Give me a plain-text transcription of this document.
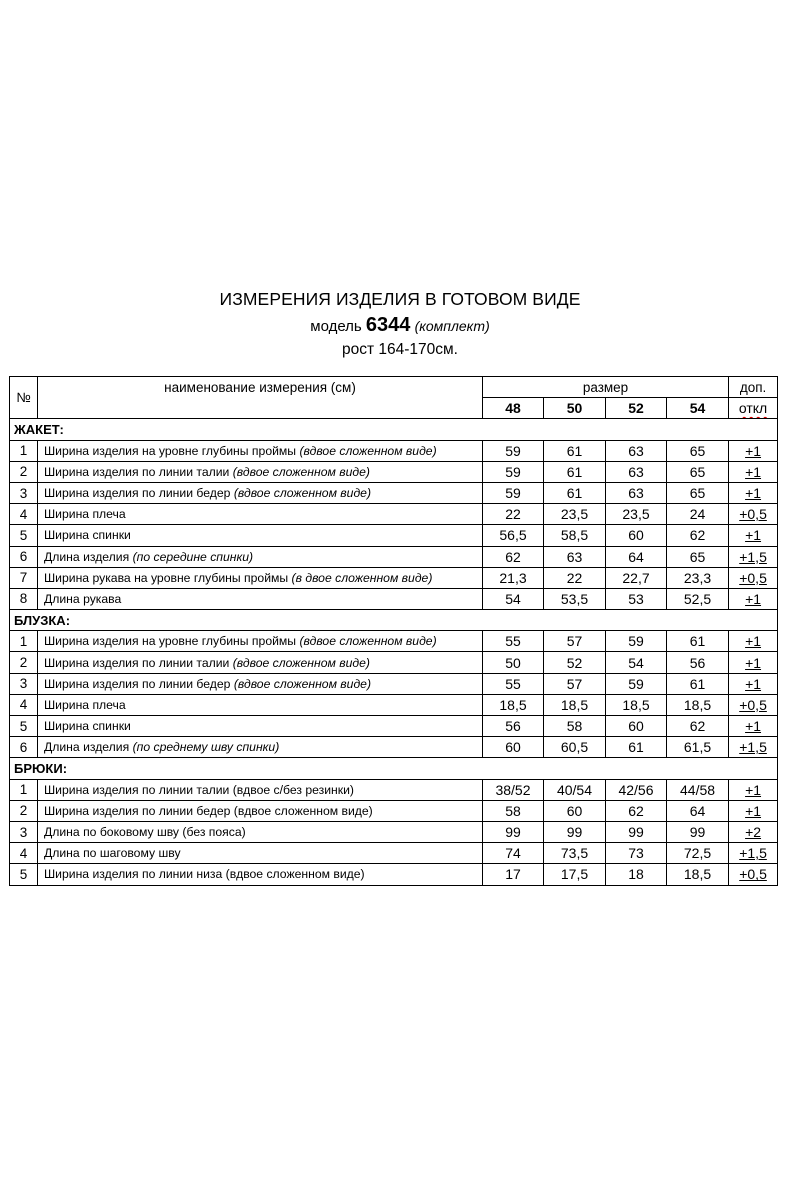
ИЗМЕРЕНИЯ ИЗДЕЛИЯ В ГОТОВОМ ВИДЕ
модель 6344 (комплект)
рост 164-170см.
№	наименование измерения (см)	размер				доп.
		48	50	52	54	откл
ЖАКЕТ:						
1	Ширина изделия на уровне глубины проймы (вдвое сложенном виде)	59	61	63	65	+1
2	Ширина изделия по линии талии (вдвое сложенном виде)	59	61	63	65	+1
3	Ширина изделия по линии бедер (вдвое сложенном виде)	59	61	63	65	+1
4	Ширина плеча	22	23,5	23,5	24	+0,5
5	Ширина спинки	56,5	58,5	60	62	+1
6	Длина изделия (по середине спинки)	62	63	64	65	+1,5
7	Ширина рукава на уровне глубины проймы (в двое сложенном виде)	21,3	22	22,7	23,3	+0,5
8	Длина рукава	54	53,5	53	52,5	+1
БЛУЗКА:						
1	Ширина изделия на уровне глубины проймы (вдвое сложенном виде)	55	57	59	61	+1
2	Ширина изделия по линии талии (вдвое сложенном виде)	50	52	54	56	+1
3	Ширина изделия по линии бедер (вдвое сложенном виде)	55	57	59	61	+1
4	Ширина плеча	18,5	18,5	18,5	18,5	+0,5
5	Ширина спинки	56	58	60	62	+1
6	Длина изделия (по среднему шву спинки)	60	60,5	61	61,5	+1,5
БРЮКИ:						
1	Ширина изделия по линии талии (вдвое с/без резинки)	38/52	40/54	42/56	44/58	+1
2	Ширина изделия по линии бедер (вдвое сложенном виде)	58	60	62	64	+1
3	Длина по боковому шву (без пояса)	99	99	99	99	+2
4	Длина по шаговому шву	74	73,5	73	72,5	+1,5
5	Ширина изделия по линии низа (вдвое сложенном виде)	17	17,5	18	18,5	+0,5
